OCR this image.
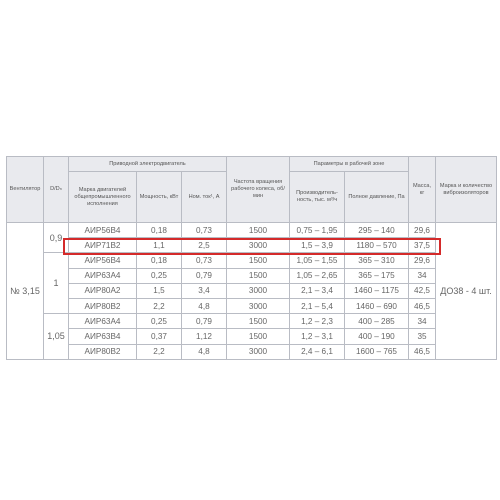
Вентилятор	D/Dₙ	Приводной электродвигатель			Частота вращения рабочего колеса, об/мин	Параметры в рабочей зоне		Масса, кг	Марка и количество виброизоляторов
		Марка двигателей общепромышленного исполнения	Мощность, кВт	Ном. ток¹, А		Производитель-ность, тыс. м³/ч	Полное давление, Па		
№ 3,15	0,9	АИР56В4	0,18	0,73	1500	0,75 – 1,95	295 – 140	29,6	ДО38 - 4 шт.
		АИР71В2	1,1	2,5	3000	1,5 – 3,9	1180 – 570	37,5	
	1	АИР56В4	0,18	0,73	1500	1,05 – 1,55	365 – 310	29,6	
		АИР63А4	0,25	0,79	1500	1,05 – 2,65	365 – 175	34	
		АИР80А2	1,5	3,4	3000	2,1 – 3,4	1460 – 1175	42,5	
		АИР80В2	2,2	4,8	3000	2,1 – 5,4	1460 – 690	46,5	
	1,05	АИР63А4	0,25	0,79	1500	1,2 – 2,3	400 – 285	34	
		АИР63В4	0,37	1,12	1500	1,2 – 3,1	400 – 190	35	
		АИР80В2	2,2	4,8	3000	2,4 – 6,1	1600 – 765	46,5	
